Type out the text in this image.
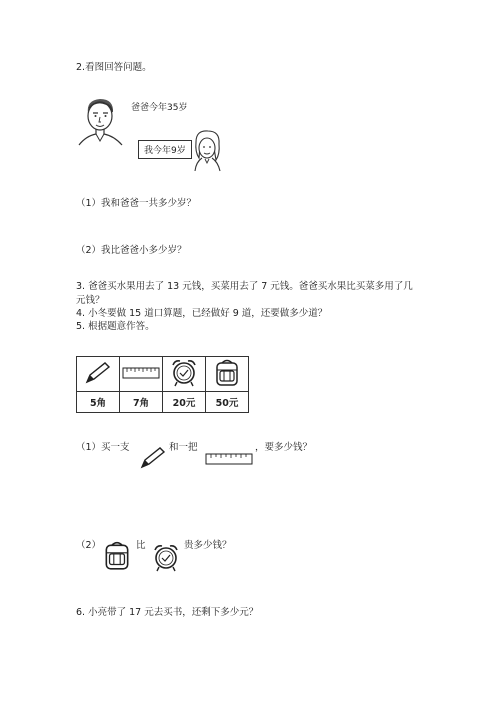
2.看图回答问题。
爸爸今年35岁
我今年9岁
（1）我和爸爸一共多少岁？
（2）我比爸爸小多少岁？
3. 爸爸买水果用去了 13 元钱，买菜用去了 7 元钱。爸爸买水果比买菜多用了几
元钱？
4. 小冬要做 15 道口算题，已经做好 9 道，还要做多少道？
5. 根据题意作答。

5角	7角	20元	50元
（1）买一支	和一把	，要多少钱？
（2）	比	贵多少钱？
6. 小亮带了 17 元去买书，还剩下多少元？
